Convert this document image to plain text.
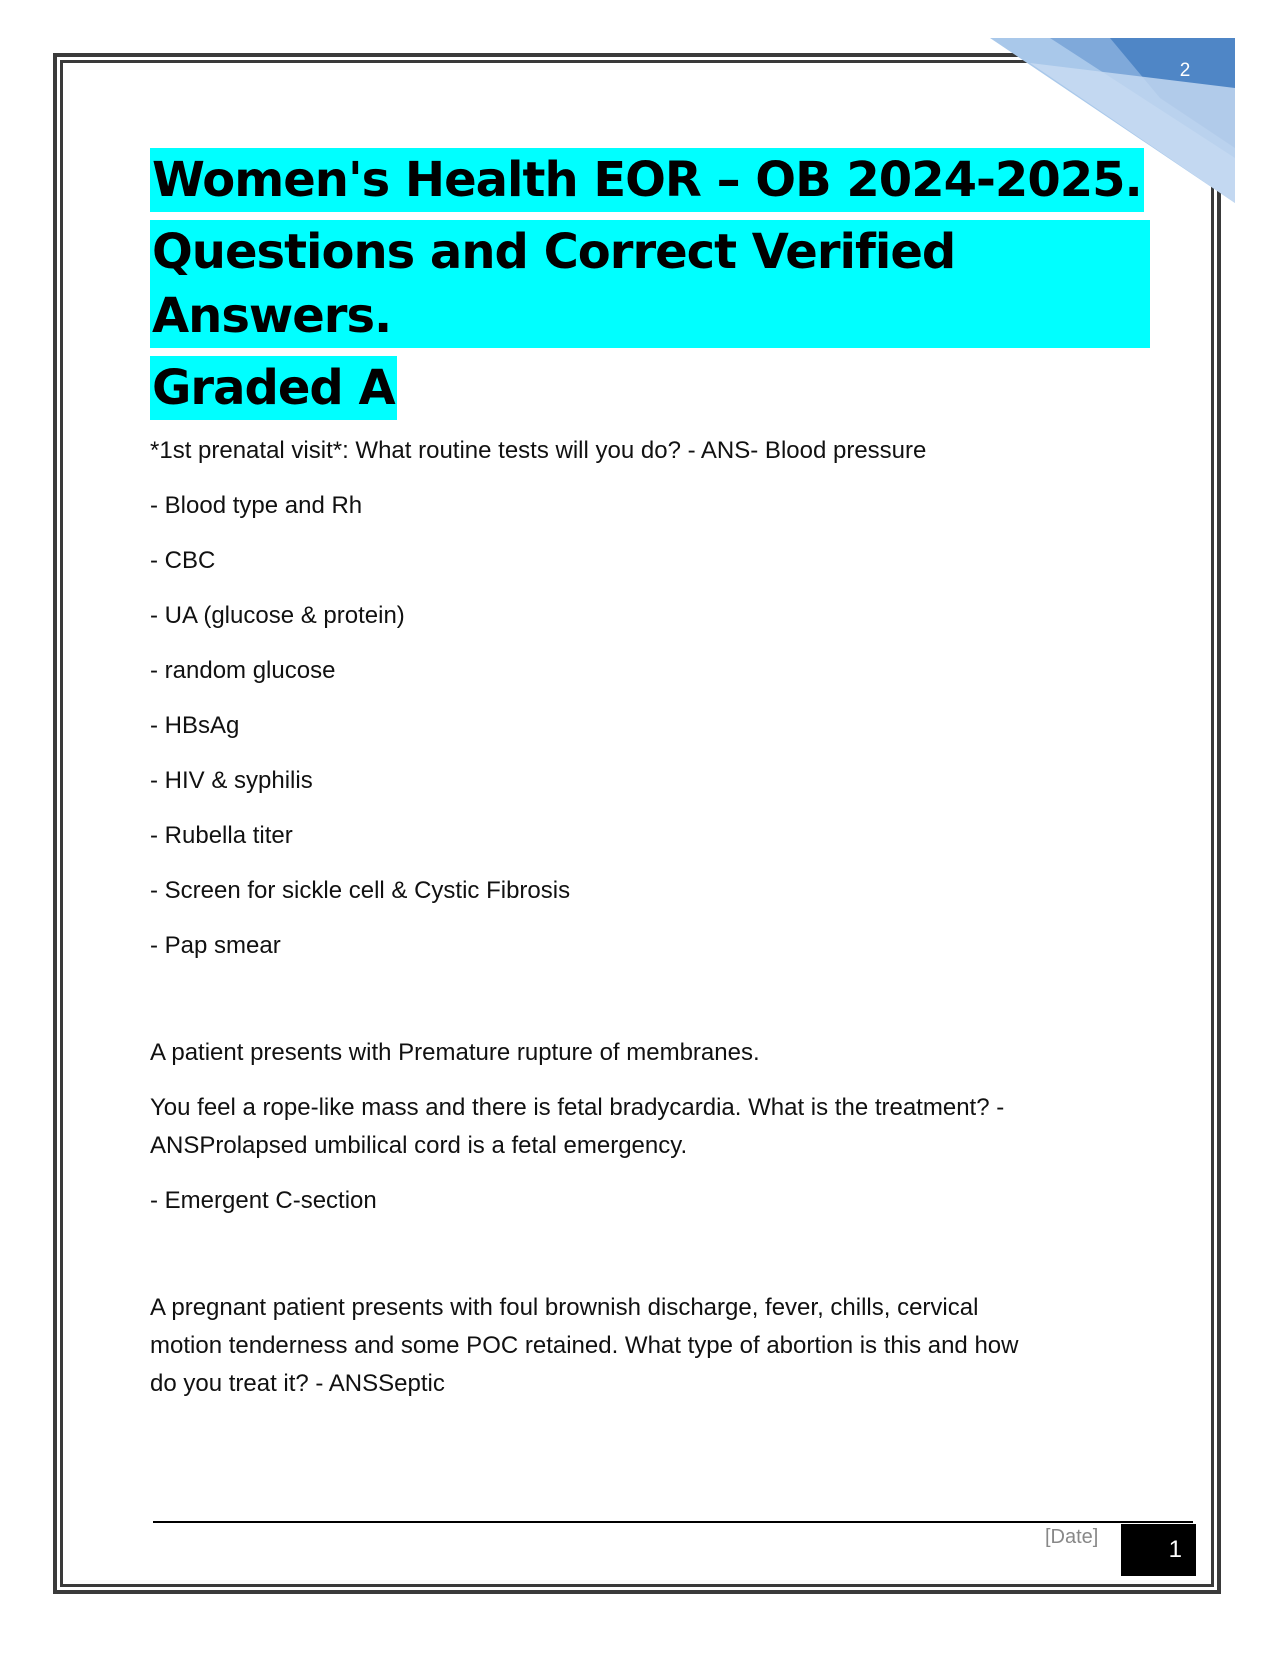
2
Women's Health EOR – OB 2024-2025.
Questions and Correct Verified Answers.
Graded A

*1st prenatal visit*: What routine tests will you do? - ANS- Blood pressure

- Blood type and Rh

- CBC

- UA (glucose & protein)

- random glucose

- HBsAg

- HIV & syphilis

- Rubella titer

- Screen for sickle cell & Cystic Fibrosis

- Pap smear

A patient presents with Premature rupture of membranes.

You feel a rope-like mass and there is fetal bradycardia. What is the treatment? -

ANSProlapsed umbilical cord is a fetal emergency.

- Emergent C-section

A pregnant patient presents with foul brownish discharge, fever, chills, cervical

motion tenderness and some POC retained. What type of abortion is this and how

do you treat it? - ANSSeptic

[Date]	1
